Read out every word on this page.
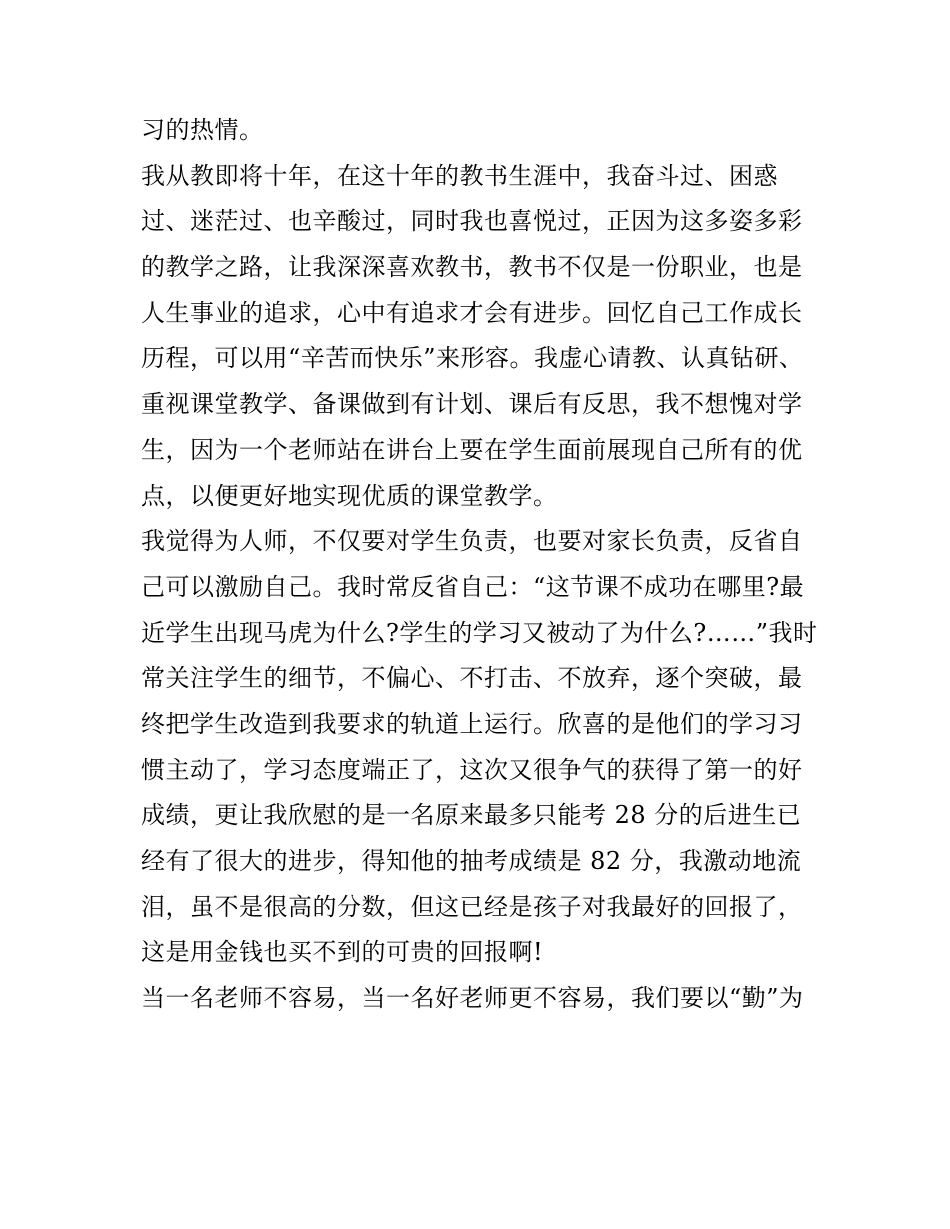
习的热情。
我从教即将十年，在这十年的教书生涯中，我奋斗过、困惑
过、迷茫过、也辛酸过，同时我也喜悦过，正因为这多姿多彩
的教学之路，让我深深喜欢教书，教书不仅是一份职业，也是
人生事业的追求，心中有追求才会有进步。回忆自己工作成长
历程，可以用“辛苦而快乐”来形容。我虚心请教、认真钻研、
重视课堂教学、备课做到有计划、课后有反思，我不想愧对学
生，因为一个老师站在讲台上要在学生面前展现自己所有的优
点，以便更好地实现优质的课堂教学。
我觉得为人师，不仅要对学生负责，也要对家长负责，反省自
己可以激励自己。我时常反省自己：“这节课不成功在哪里?最
近学生出现马虎为什么?学生的学习又被动了为什么?……”我时
常关注学生的细节，不偏心、不打击、不放弃，逐个突破，最
终把学生改造到我要求的轨道上运行。欣喜的是他们的学习习
惯主动了，学习态度端正了，这次又很争气的获得了第一的好
成绩，更让我欣慰的是一名原来最多只能考 28 分的后进生已
经有了很大的进步，得知他的抽考成绩是 82 分，我激动地流
泪，虽不是很高的分数，但这已经是孩子对我最好的回报了，
这是用金钱也买不到的可贵的回报啊!
当一名老师不容易，当一名好老师更不容易，我们要以“勤”为
